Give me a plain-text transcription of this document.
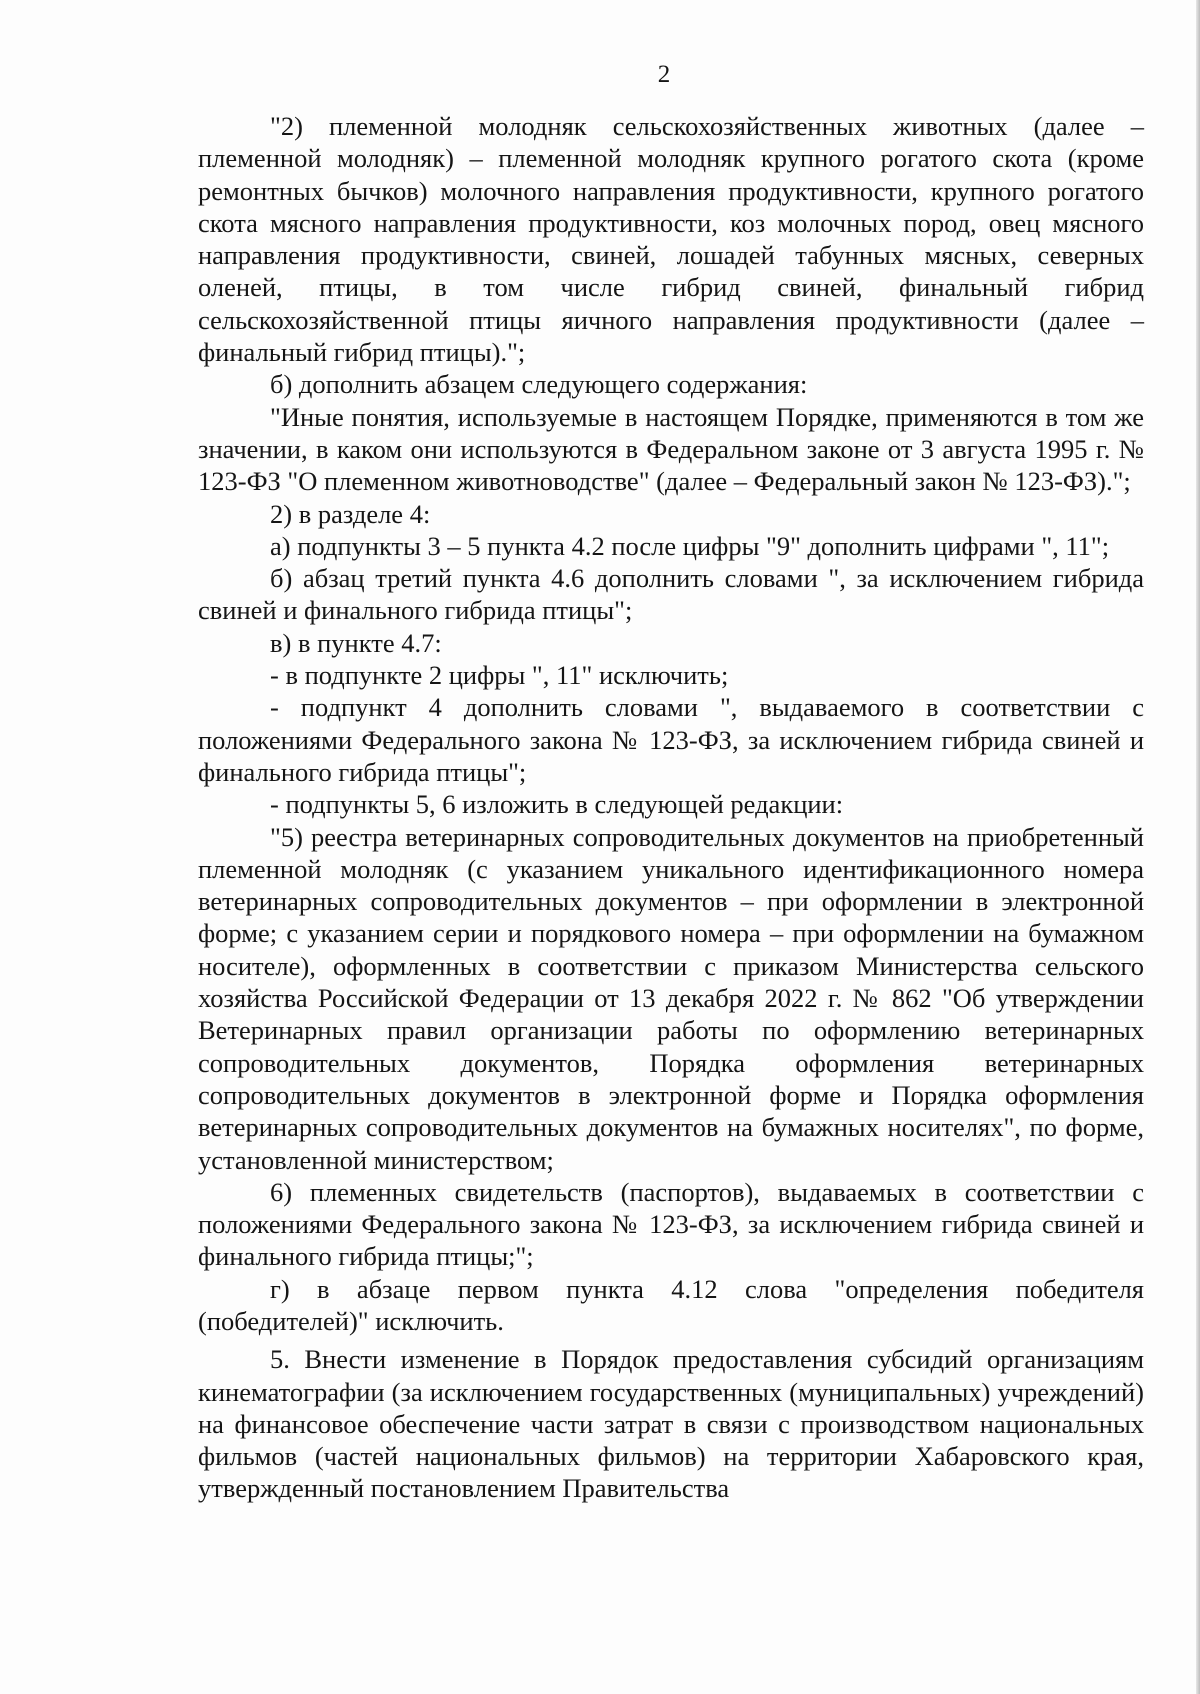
2

"2) племенной молодняк сельскохозяйственных животных (далее – племенной молодняк) – племенной молодняк крупного рогатого скота (кроме ремонтных бычков) молочного направления продуктивности, крупного рогатого скота мясного направления продуктивности, коз молочных пород, овец мясного направления продуктивности, свиней, лошадей табунных мясных, северных оленей, птицы, в том числе гибрид свиней, финальный гибрид сельскохозяйственной птицы яичного направления продуктивности (далее – финальный гибрид птицы).";

б) дополнить абзацем следующего содержания:

"Иные понятия, используемые в настоящем Порядке, применяются в том же значении, в каком они используются в Федеральном законе от 3 августа 1995 г. № 123-ФЗ "О племенном животноводстве" (далее – Федеральный закон № 123-ФЗ).";

2) в разделе 4:

а) подпункты 3 – 5 пункта 4.2 после цифры "9" дополнить цифрами ", 11";

б) абзац третий пункта 4.6 дополнить словами ", за исключением гибрида свиней и финального гибрида птицы";

в) в пункте 4.7:

- в подпункте 2 цифры ", 11" исключить;

- подпункт 4 дополнить словами ", выдаваемого в соответствии с положениями Федерального закона № 123-ФЗ, за исключением гибрида свиней и финального гибрида птицы";

- подпункты 5, 6 изложить в следующей редакции:

"5) реестра ветеринарных сопроводительных документов на приобретенный племенной молодняк (с указанием уникального идентификационного номера ветеринарных сопроводительных документов – при оформлении в электронной форме; с указанием серии и порядкового номера – при оформлении на бумажном носителе), оформленных в соответствии с приказом Министерства сельского хозяйства Российской Федерации от 13 декабря 2022 г. № 862 "Об утверждении Ветеринарных правил организации работы по оформлению ветеринарных сопроводительных документов, Порядка оформления ветеринарных сопроводительных документов в электронной форме и Порядка оформления ветеринарных сопроводительных документов на бумажных носителях", по форме, установленной министерством;

6) племенных свидетельств (паспортов), выдаваемых в соответствии с положениями Федерального закона № 123-ФЗ, за исключением гибрида свиней и финального гибрида птицы;";

г) в абзаце первом пункта 4.12 слова "определения победителя (победителей)" исключить.

5. Внести изменение в Порядок предоставления субсидий организациям кинематографии (за исключением государственных (муниципальных) учреждений) на финансовое обеспечение части затрат в связи с производством национальных фильмов (частей национальных фильмов) на территории Хабаровского края, утвержденный постановлением Правительства
